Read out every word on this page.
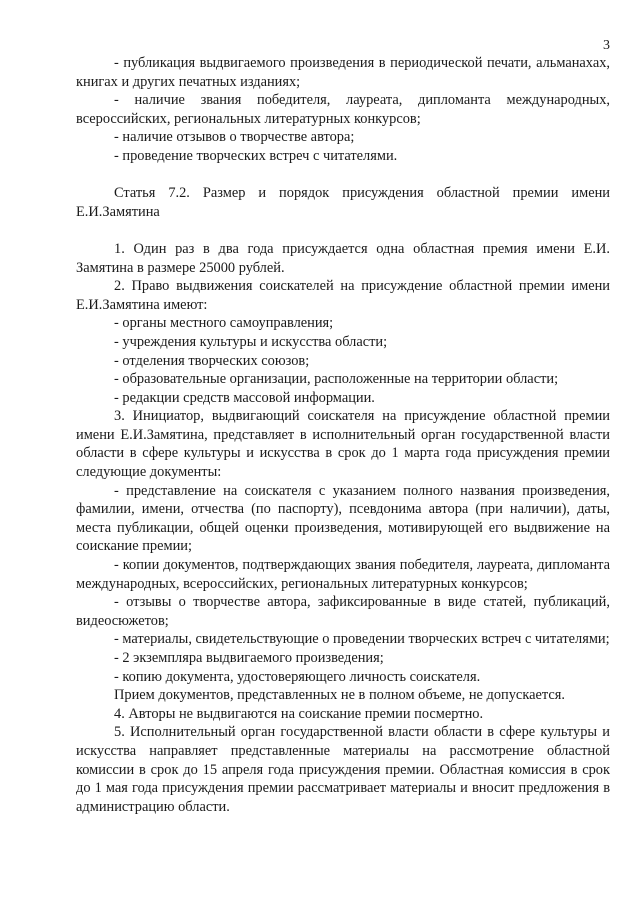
3

- публикация выдвигаемого произведения в периодической печати, альманахах, книгах и других печатных изданиях;

- наличие звания победителя, лауреата, дипломанта международных, всероссийских, региональных литературных конкурсов;

- наличие отзывов о творчестве автора;

- проведение творческих встреч с читателями.

Статья 7.2. Размер и порядок присуждения областной премии имени Е.И.Замятина

1. Один раз в два года присуждается одна областная премия имени Е.И. Замятина в размере 25000 рублей.

2. Право выдвижения соискателей на присуждение областной премии имени Е.И.Замятина имеют:

- органы местного самоуправления;

- учреждения культуры и искусства области;

- отделения творческих союзов;

- образовательные организации, расположенные на территории области;

- редакции средств массовой информации.

3. Инициатор, выдвигающий соискателя на присуждение областной премии имени Е.И.Замятина, представляет в исполнительный орган государственной власти области в сфере культуры и искусства в срок до 1 марта года присуждения премии следующие документы:

- представление на соискателя с указанием полного названия произведения, фамилии, имени, отчества (по паспорту), псевдонима автора (при наличии), даты, места публикации, общей оценки произведения, мотивирующей его выдвижение на соискание премии;

- копии документов, подтверждающих звания победителя, лауреата, дипломанта международных, всероссийских, региональных литературных конкурсов;

- отзывы о творчестве автора, зафиксированные в виде статей, публикаций, видеосюжетов;

- материалы, свидетельствующие о проведении творческих встреч с читателями;

- 2 экземпляра выдвигаемого произведения;

- копию документа, удостоверяющего личность соискателя.

Прием документов, представленных не в полном объеме, не допускается.

4. Авторы не выдвигаются на соискание премии посмертно.

5. Исполнительный орган государственной власти области в сфере культуры и искусства направляет представленные материалы на рассмотрение областной комиссии в срок до 15 апреля года присуждения премии. Областная комиссия в срок до 1 мая года присуждения премии рассматривает материалы и вносит предложения в администрацию области.
